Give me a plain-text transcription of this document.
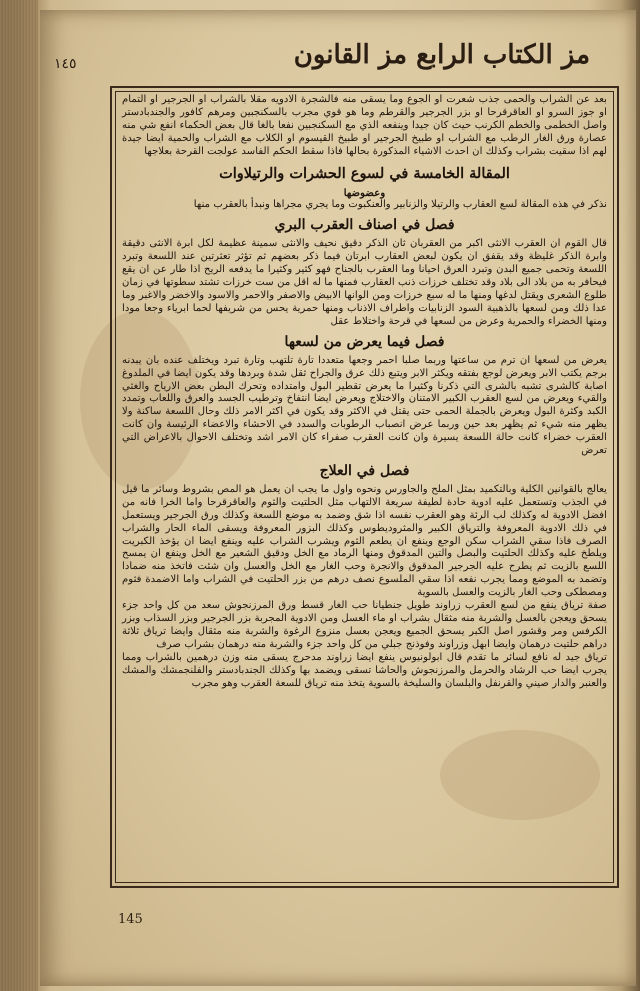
مز الكتاب الرابع مز القانون
١٤٥

بعد عن الشراب والحمى جذب شعرت او الجوع وما يسقى منه فالشجرة الادويه مقلا بالشراب او الجرجير او التمام او جوز السرو او العاقرقرحا او بزر الجرجير والقرطم وما هو قوي مجرب بالسكنجبين ومرهم كافور والجندبادستر واصل الخطمى والخطم الكرنب حيث كان جيدا وينفعه الذي مع السكنجبين نفعا بالغا قال بعض الحكماء انفع شي منه عصارة ورق الغار الرطب مع الشراب او طبيخ الجرجير او طبيخ القيسوم او الكلاب مع الشراب والحمية ايضا جيدة لهم اذا سقيت بشراب وكذلك ان احدث الاشياء المذكورة بحالها فاذا سقط الحكم الفاسد عولجت القرحة بعلاجها

المقالة الخامسة في لسوع الحشرات والرتيلاوات

وعضوضها

نذكر في هذه المقالة لسع العقارب والرتيلا والزنابير والعنكبوت وما يجري مجراها ونبدأ بالعقرب منها

فصل في اصناف العقرب البري

قال القوم ان العقرب الانثى اكبر من العقربان ثان الذكر دقيق نحيف والانثى سمينة عظيمة لكل ابرة الانثى دقيقة وابرة الذكر غليظة وقد يقفق ان يكون لبعض العقارب ابرتان فيما ذكر بعضهم ثم تؤثر تعثرتين عند اللسعة وتبرد اللسعة وتحمى جميع البدن وتبرد العرق احيانا وما العقرب بالجناح فهو كثير وكثيرا ما يدفعه الريح اذا طار عن ان يقع فيحافر به من بلاد الى بلاد وقد تختلف خرزات ذنب العقارب فمنها ما له اقل من ست خرزات تشتد سطوتها في زمان طلوع الشعرى ويقتل لدغها ومنها ما له سبع خرزات ومن الوانها الابيض والاصفر والاحمر والاسود والاخضر والاغبر وما عدا ذلك ومن لسعها بالذهبية السود الزنابيات واطراف الاذناب ومنها حمرية يحس من شريفها لحما ابرياء وجعا مودا ومنها الخضراء والحمرية وعرض من لسعها في قرحة واختلاط عقل

فصل فيما يعرض من لسعها

يعرض من لسعها ان ترم من ساعتها وربما صلبا احمر وجعها متعددا تارة تلتهب وتارة تبرد ويختلف عنده بان يبدنه برجم يكتب الابر ويعرض لوجع بفتقه ويكثر الابر ويتبع ذلك عرق والجراح ثقل شدة وبردها وقد يكون ايضا في الملدوغ اصابة كالشرى تشبه بالشرى التي ذكرنا وكثيرا ما يعرض تقطير البول وامتداده وتحرك البطن بعض الارياح والغثي والقيء ويعرض من لسع العقرب الكبير الامتنان والاختلاج ويعرض ايضا انتفاخ وترطيب الجسد والعرق واللعاب وتمدد الكبد وكثرة البول ويعرض بالجملة الحمى حتى يقتل في الاكثر وقد يكون في اكثر الامر ذلك وحال اللسعة ساكنة ولا يظهر منه شيء ثم يظهر بعد حين وربما عرض انصباب الرطوبات والسدد في الاحشاء والاعضاء الرئيسة وان كانت العقرب خضراء كانت حالة اللسعة يسيرة وان كانت العقرب صفراء كان الامر اشد وتختلف الاحوال بالاعراض التي تعرض

فصل في العلاج

يعالج بالقوانين الكلية وبالتكميد بمثل الملح والجاورس ونحوه واول ما يجب ان يعمل هو المص بشروط وسائر ما قيل في الجذب وتستعمل عليه ادوية حادة لطيفة سريعة الالتهاب مثل الحلتيت والثوم والعاقرقرحا واما الخرا فانه من افضل الادوية له وكذلك لب الرئة وهو العقرب نفسه اذا شق وضمد به موضع اللسعة وكذلك ورق الجرجير ويستعمل في ذلك الادوية المعروفة والترياق الكبير والمثروديطوس وكذلك البزور المعروفة ويسقى الماء الحار والشراب الصرف فاذا سقي الشراب سكن الوجع وينفع ان يطعم الثوم ويشرب الشراب عليه وينفع ايضا ان يؤخذ الكبريت ويلطخ عليه وكذلك الحلتيت والبصل والتين المدقوق ومنها الرماد مع الخل ودقيق الشعير مع الخل وينفع ان يمسح اللسع بالزيت ثم يطرح عليه الجرجير المدقوق والانجرة وحب الغار مع الخل والعسل وان شئت فاتخذ منه ضمادا وتضمد به الموضع ومما يجرب نفعه اذا سقي الملسوع نصف درهم من بزر الحلتيت في الشراب واما الاضمدة فثوم ومصطكى وحب الغار بالزيت والعسل بالسوية

صفة ترياق ينفع من لسع العقرب زراوند طويل جنطيانا حب الغار قسط ورق المرزنجوش سعد من كل واحد جزء يسحق ويعجن بالعسل والشربة منه مثقال بشراب او ماء العسل ومن الادوية المجربة بزر الجرجير وبزر السذاب وبزر الكرفس ومر وقشور اصل الكبر يسحق الجميع ويعجن بعسل منزوع الرغوة والشربة منه مثقال وايضا ترياق ثلاثة دراهم حلتيت درهمان وايضا ابهل وزراوند وفوذنج جبلي من كل واحد جزء والشربة منه درهمان بشراب صرف

ترياق جيد له نافع لسائر ما تقدم قال ابولونيوس ينفع ايضا زراوند مدحرج يسقى منه وزن درهمين بالشراب ومما يجرب ايضا حب الرشاد والحرمل والمرزنجوش والحاشا تسقى ويضمد بها وكذلك الجندبادستر والفلنجمشك والمشك والعنبر والدار صيني والقرنفل والبلسان والسليخة بالسوية يتخذ منه ترياق للسعة العقرب وهو مجرب

145
